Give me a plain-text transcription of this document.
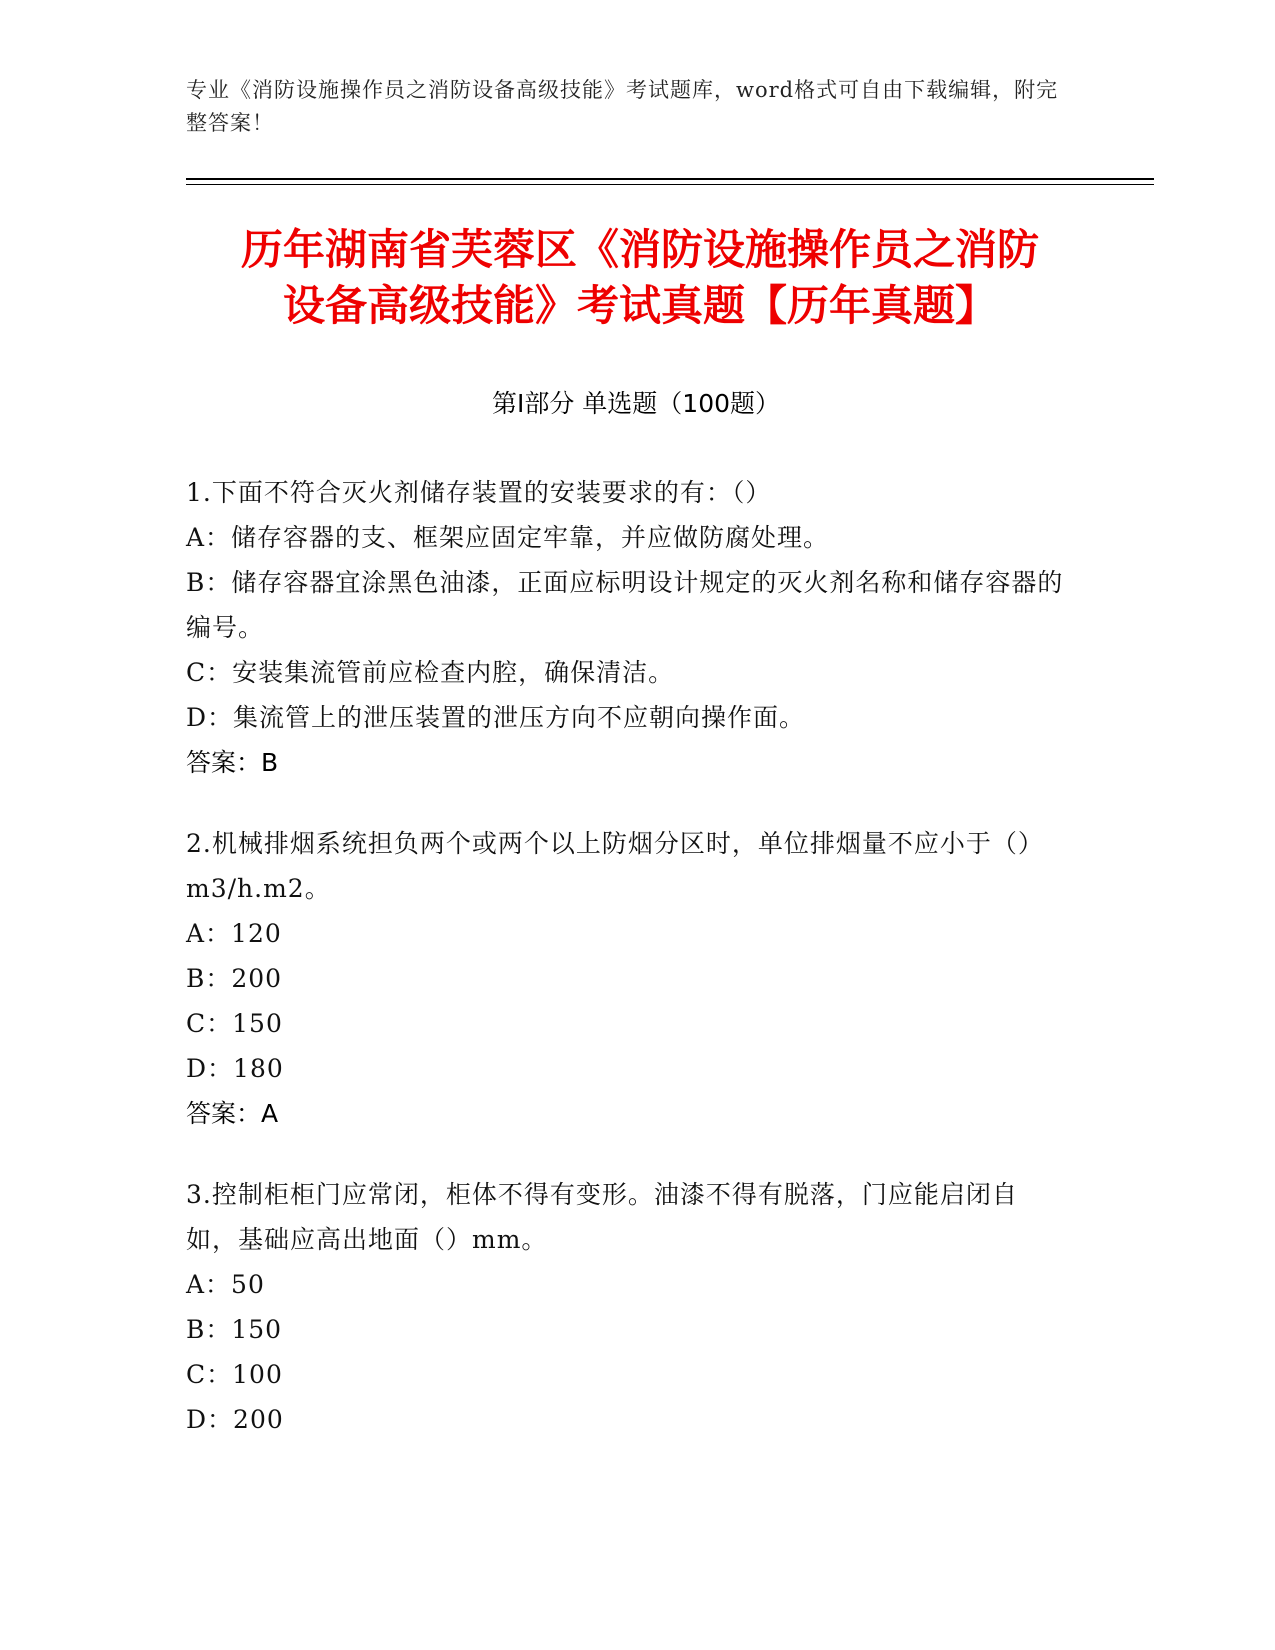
专业《消防设施操作员之消防设备高级技能》考试题库，word格式可自由下载编辑，附完整答案！
历年湖南省芙蓉区《消防设施操作员之消防
设备高级技能》考试真题【历年真题】
第Ⅰ部分 单选题（100题）

1.下面不符合灭火剂储存装置的安装要求的有：（）

A：储存容器的支、框架应固定牢靠，并应做防腐处理。

B：储存容器宜涂黑色油漆，正面应标明设计规定的灭火剂名称和储存容器的编号。

C：安装集流管前应检查内腔，确保清洁。

D：集流管上的泄压装置的泄压方向不应朝向操作面。

答案：B

2.机械排烟系统担负两个或两个以上防烟分区时，单位排烟量不应小于（）m3/h.m2。

A：120

B：200

C：150

D：180

答案：A

3.控制柜柜门应常闭，柜体不得有变形。油漆不得有脱落，门应能启闭自如，基础应高出地面（）mm。

A：50

B：150

C：100

D：200
